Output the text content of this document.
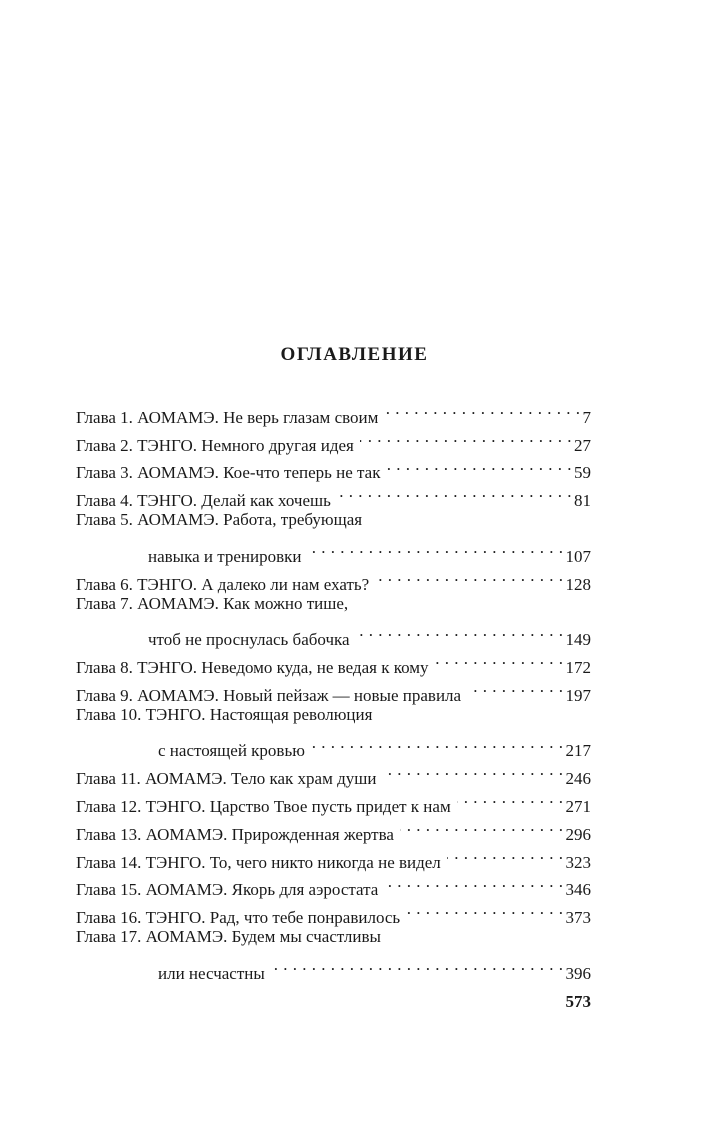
ОГЛАВЛЕНИЕ
Глава 1. АОМАМЭ. Не верь глазам своим . . .	7
Глава 2. ТЭНГО. Немного другая идея . . .	27
Глава 3. АОМАМЭ. Кое-что теперь не так . . .	59
Глава 4. ТЭНГО. Делай как хочешь . . .	81
Глава 5. АОМАМЭ. Работа, требующая
навыка и тренировки . . .	107
Глава 6. ТЭНГО. А далеко ли нам ехать? . . .	128
Глава 7. АОМАМЭ. Как можно тише,
чтоб не проснулась бабочка . . .	149
Глава 8. ТЭНГО. Неведомо куда, не ведая к кому . . .	172
Глава 9. АОМАМЭ. Новый пейзаж — новые правила . . .	197
Глава 10. ТЭНГО. Настоящая революция
с настоящей кровью . . .	217
Глава 11. АОМАМЭ. Тело как храм души . . .	246
Глава 12. ТЭНГО. Царство Твое пусть придет к нам . . .	271
Глава 13. АОМАМЭ. Прирожденная жертва . . .	296
Глава 14. ТЭНГО. То, чего никто никогда не видел . . .	323
Глава 15. АОМАМЭ. Якорь для аэростата . . .	346
Глава 16. ТЭНГО. Рад, что тебе понравилось . . .	373
Глава 17. АОМАМЭ. Будем мы счастливы
или несчастны . . .	396
573
